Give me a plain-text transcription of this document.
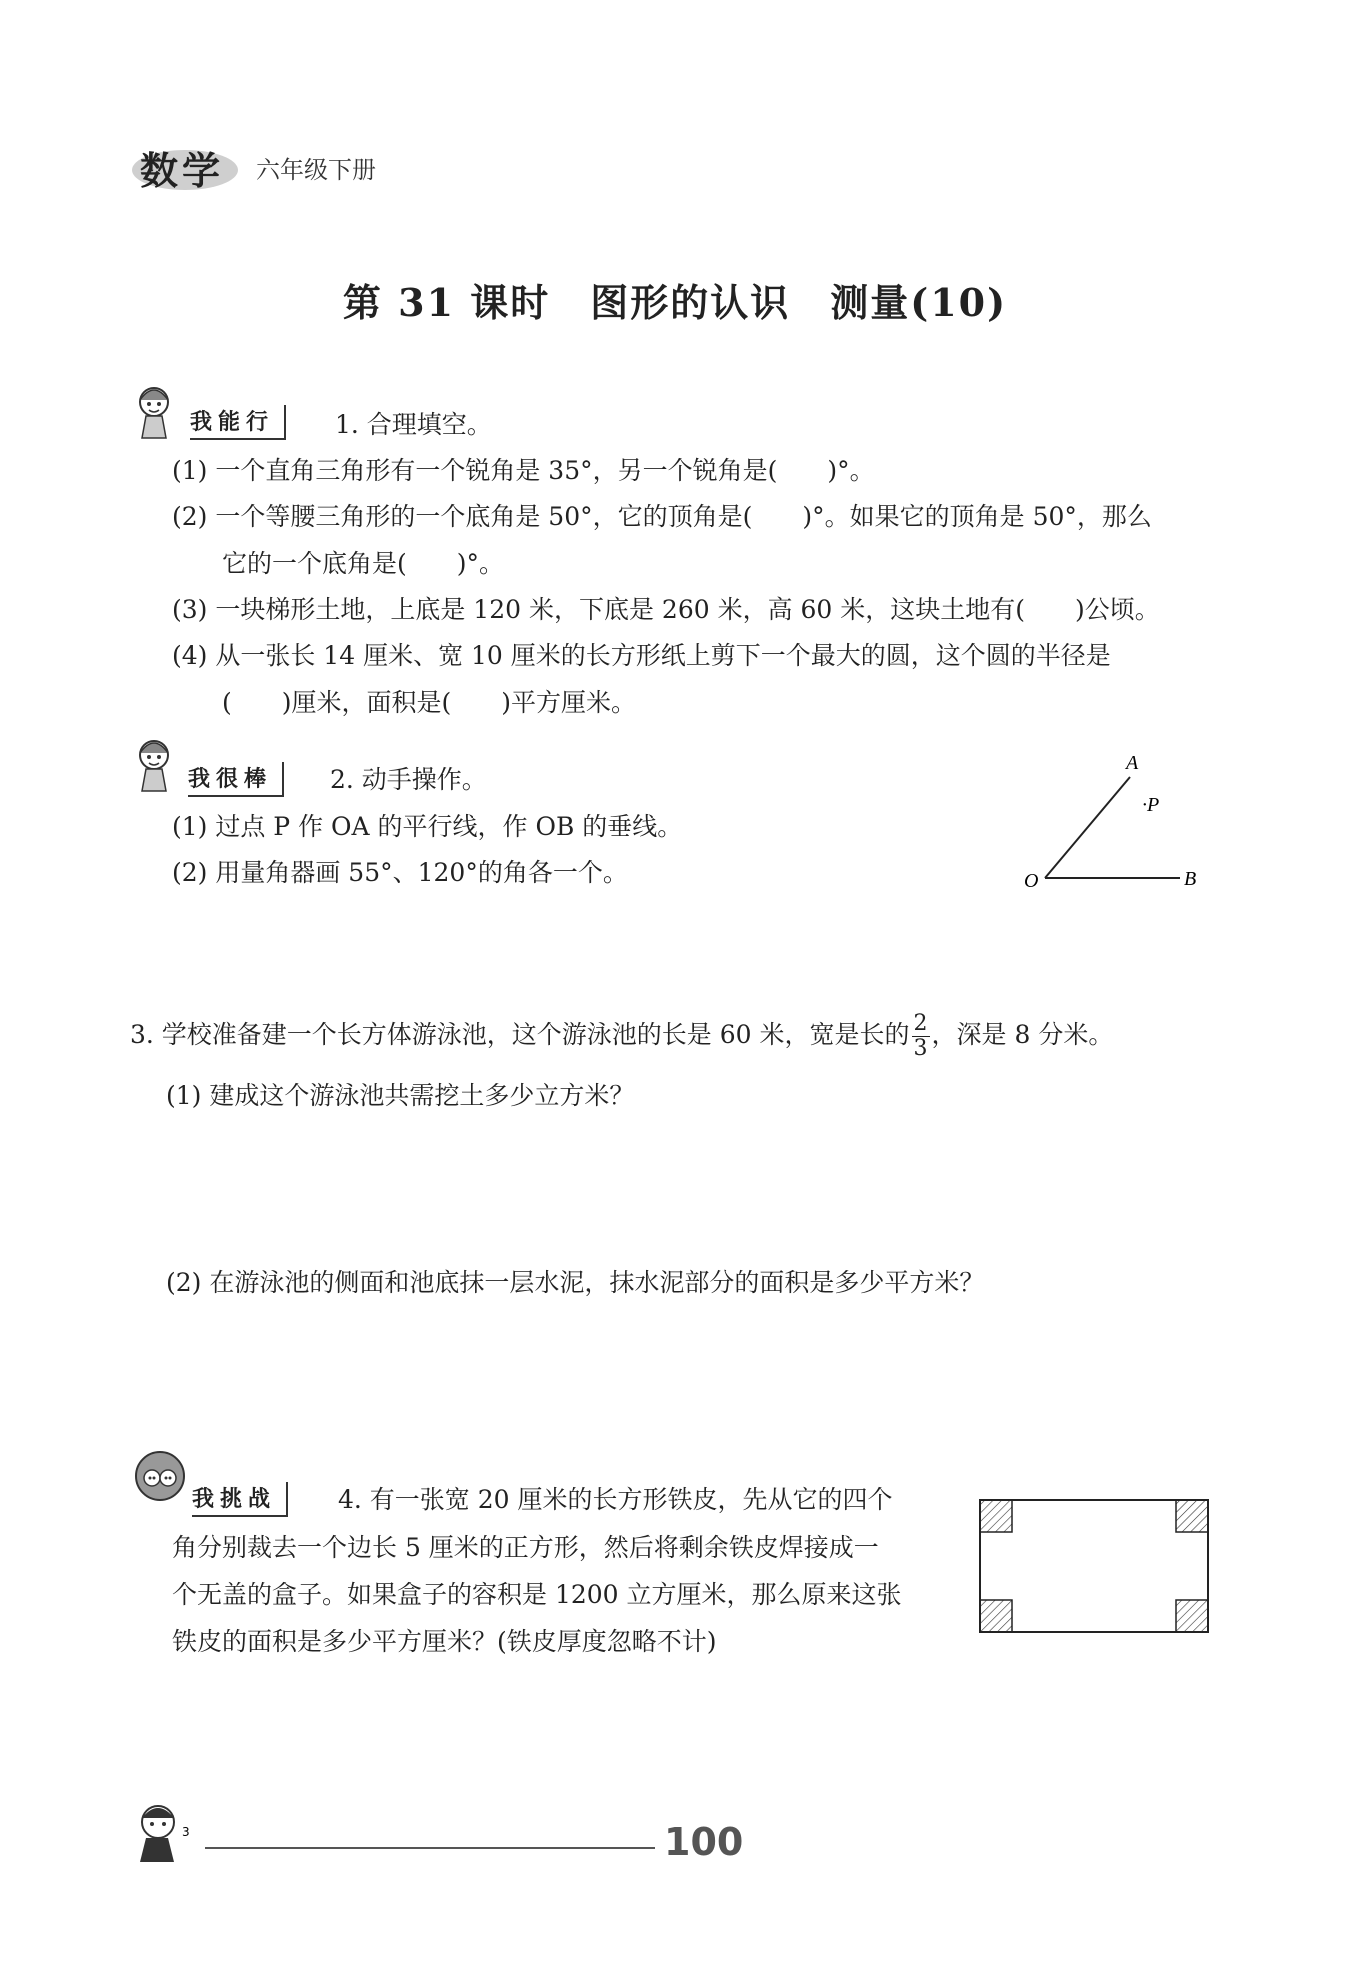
数学 六年级下册
第 31 课时　图形的认识　测量(10)
我能行	1. 合理填空。
(1) 一个直角三角形有一个锐角是 35°，另一个锐角是(　　)°。
(2) 一个等腰三角形的一个底角是 50°，它的顶角是(　　)°。如果它的顶角是 50°，那么
它的一个底角是(　　)°。
(3) 一块梯形土地，上底是 120 米，下底是 260 米，高 60 米，这块土地有(　　)公顷。
(4) 从一张长 14 厘米、宽 10 厘米的长方形纸上剪下一个最大的圆，这个圆的半径是
(　　)厘米，面积是(　　)平方厘米。
我很棒	2. 动手操作。
(1) 过点 P 作 OA 的平行线，作 OB 的垂线。
(2) 用量角器画 55°、120°的角各一个。
A
·P
O	B
3. 学校准备建一个长方体游泳池，这个游泳池的长是 60 米，宽是长的 $\frac{2}{3}$ ，深是 8 分米。
(1) 建成这个游泳池共需挖土多少立方米？
(2) 在游泳池的侧面和池底抹一层水泥，抹水泥部分的面积是多少平方米？
我挑战	4. 有一张宽 20 厘米的长方形铁皮，先从它的四个
角分别裁去一个边长 5 厘米的正方形，然后将剩余铁皮焊接成一
个无盖的盒子。如果盒子的容积是 1200 立方厘米，那么原来这张
铁皮的面积是多少平方厘米？(铁皮厚度忽略不计)
3	100
